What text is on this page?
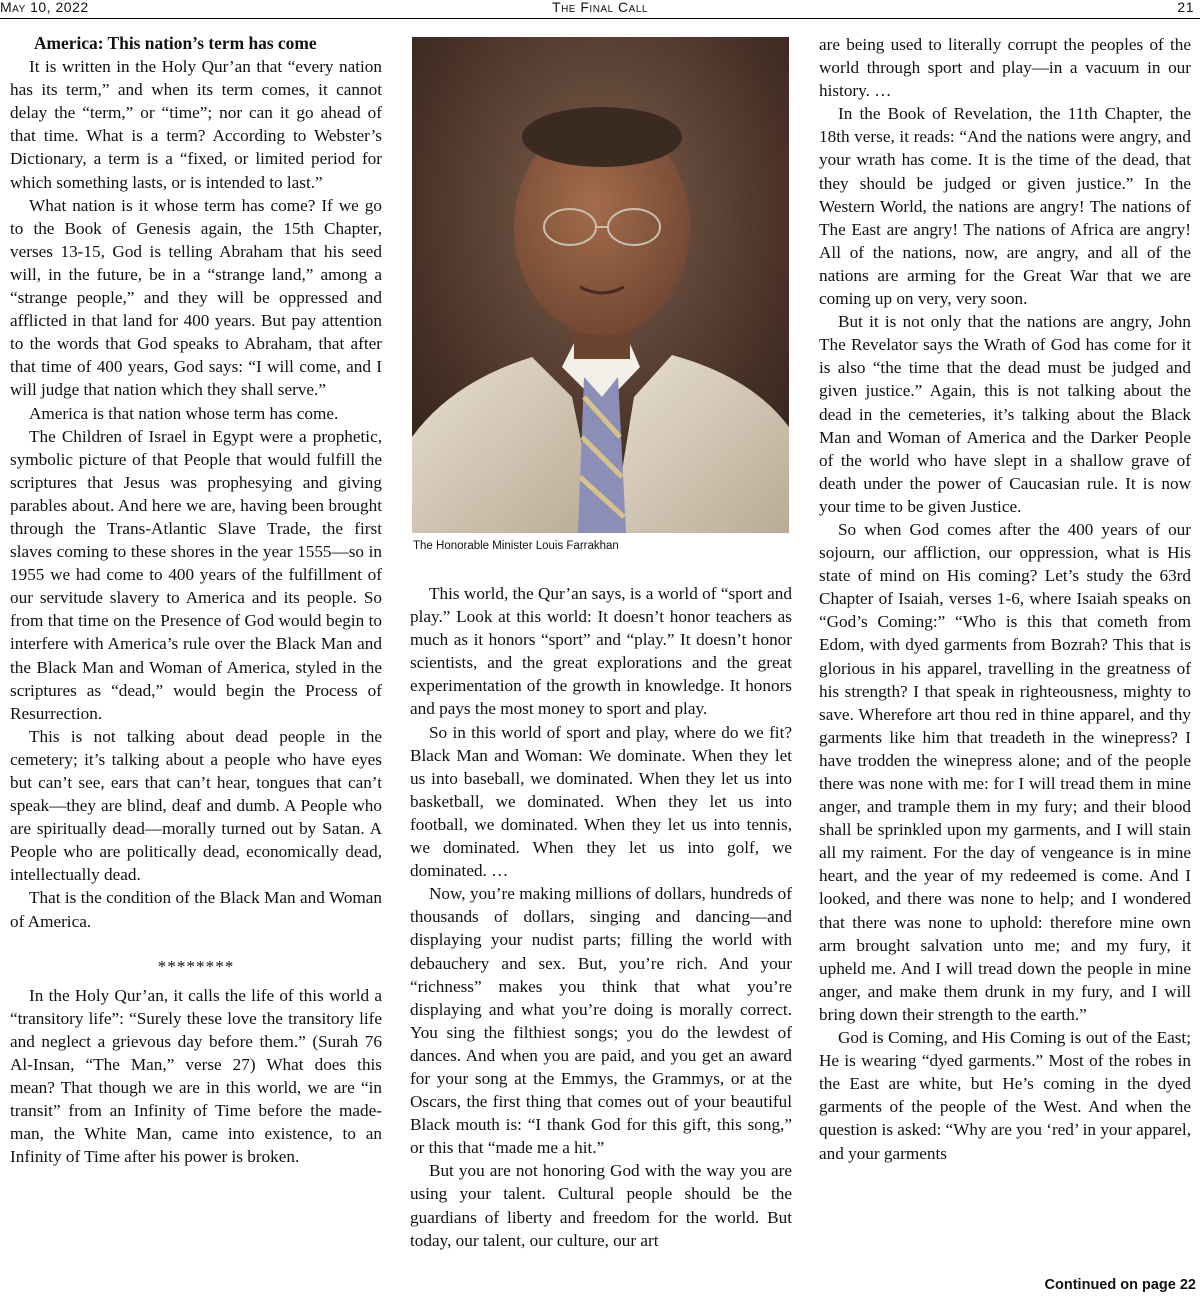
May 10, 2022	The Final Call	21

America: This nation’s term has come

It is written in the Holy Qur’an that “every nation has its term,” and when its term comes, it cannot delay the “term,” or “time”; nor can it go ahead of that time. What is a term? According to Webster’s Dictionary, a term is a “fixed, or limited period for which something lasts, or is intended to last.”

What nation is it whose term has come? If we go to the Book of Genesis again, the 15th Chapter, verses 13-15, God is telling Abraham that his seed will, in the future, be in a “strange land,” among a “strange people,” and they will be oppressed and afflicted in that land for 400 years. But pay attention to the words that God speaks to Abraham, that after that time of 400 years, God says: “I will come, and I will judge that nation which they shall serve.”

America is that nation whose term has come.

The Children of Israel in Egypt were a prophetic, symbolic picture of that People that would fulfill the scriptures that Jesus was prophesying and giving parables about. And here we are, having been brought through the Trans-Atlantic Slave Trade, the first slaves coming to these shores in the year 1555—so in 1955 we had come to 400 years of the fulfillment of our servitude slavery to America and its people. So from that time on the Presence of God would begin to interfere with America’s rule over the Black Man and the Black Man and Woman of America, styled in the scriptures as “dead,” would begin the Process of Resurrection.

This is not talking about dead people in the cemetery; it’s talking about a people who have eyes but can’t see, ears that can’t hear, tongues that can’t speak—they are blind, deaf and dumb. A People who are spiritually dead—morally turned out by Satan. A People who are politically dead, economically dead, intellectually dead.

That is the condition of the Black Man and Woman of America.

********

In the Holy Qur’an, it calls the life of this world a “transitory life”: “Surely these love the transitory life and neglect a grievous day before them.” (Surah 76 Al-Insan, “The Man,” verse 27) What does this mean? That though we are in this world, we are “in transit” from an Infinity of Time before the made-man, the White Man, came into existence, to an Infinity of Time after his power is broken.

The Honorable Minister Louis Farrakhan

This world, the Qur’an says, is a world of “sport and play.” Look at this world: It doesn’t honor teachers as much as it honors “sport” and “play.” It doesn’t honor scientists, and the great explorations and the great experimentation of the growth in knowledge. It honors and pays the most money to sport and play.

So in this world of sport and play, where do we fit? Black Man and Woman: We dominate. When they let us into baseball, we dominated. When they let us into basketball, we dominated. When they let us into football, we dominated. When they let us into tennis, we dominated. When they let us into golf, we dominated. …

Now, you’re making millions of dollars, hundreds of thousands of dollars, singing and dancing—and displaying your nudist parts; filling the world with debauchery and sex. But, you’re rich. And your “richness” makes you think that what you’re displaying and what you’re doing is morally correct. You sing the filthiest songs; you do the lewdest of dances. And when you are paid, and you get an award for your song at the Emmys, the Grammys, or at the Oscars, the first thing that comes out of your beautiful Black mouth is: “I thank God for this gift, this song,” or this that “made me a hit.”

But you are not honoring God with the way you are using your talent. Cultural people should be the guardians of liberty and freedom for the world. But today, our talent, our culture, our art

are being used to literally corrupt the peoples of the world through sport and play—in a vacuum in our history. …

In the Book of Revelation, the 11th Chapter, the 18th verse, it reads: “And the nations were angry, and your wrath has come. It is the time of the dead, that they should be judged or given justice.” In the Western World, the nations are angry! The nations of The East are angry! The nations of Africa are angry! All of the nations, now, are angry, and all of the nations are arming for the Great War that we are coming up on very, very soon.

But it is not only that the nations are angry, John The Revelator says the Wrath of God has come for it is also “the time that the dead must be judged and given justice.” Again, this is not talking about the dead in the cemeteries, it’s talking about the Black Man and Woman of America and the Darker People of the world who have slept in a shallow grave of death under the power of Caucasian rule. It is now your time to be given Justice.

So when God comes after the 400 years of our sojourn, our affliction, our oppression, what is His state of mind on His coming? Let’s study the 63rd Chapter of Isaiah, verses 1-6, where Isaiah speaks on “God’s Coming:” “Who is this that cometh from Edom, with dyed garments from Bozrah? This that is glorious in his apparel, travelling in the greatness of his strength? I that speak in righteousness, mighty to save. Wherefore art thou red in thine apparel, and thy garments like him that treadeth in the winepress? I have trodden the winepress alone; and of the people there was none with me: for I will tread them in mine anger, and trample them in my fury; and their blood shall be sprinkled upon my garments, and I will stain all my raiment. For the day of vengeance is in mine heart, and the year of my redeemed is come. And I looked, and there was none to help; and I wondered that there was none to uphold: therefore mine own arm brought salvation unto me; and my fury, it upheld me. And I will tread down the people in mine anger, and make them drunk in my fury, and I will bring down their strength to the earth.”

God is Coming, and His Coming is out of the East; He is wearing “dyed garments.” Most of the robes in the East are white, but He’s coming in the dyed garments of the people of the West. And when the question is asked: “Why are you ‘red’ in your apparel, and your garments

Continued on page 22
